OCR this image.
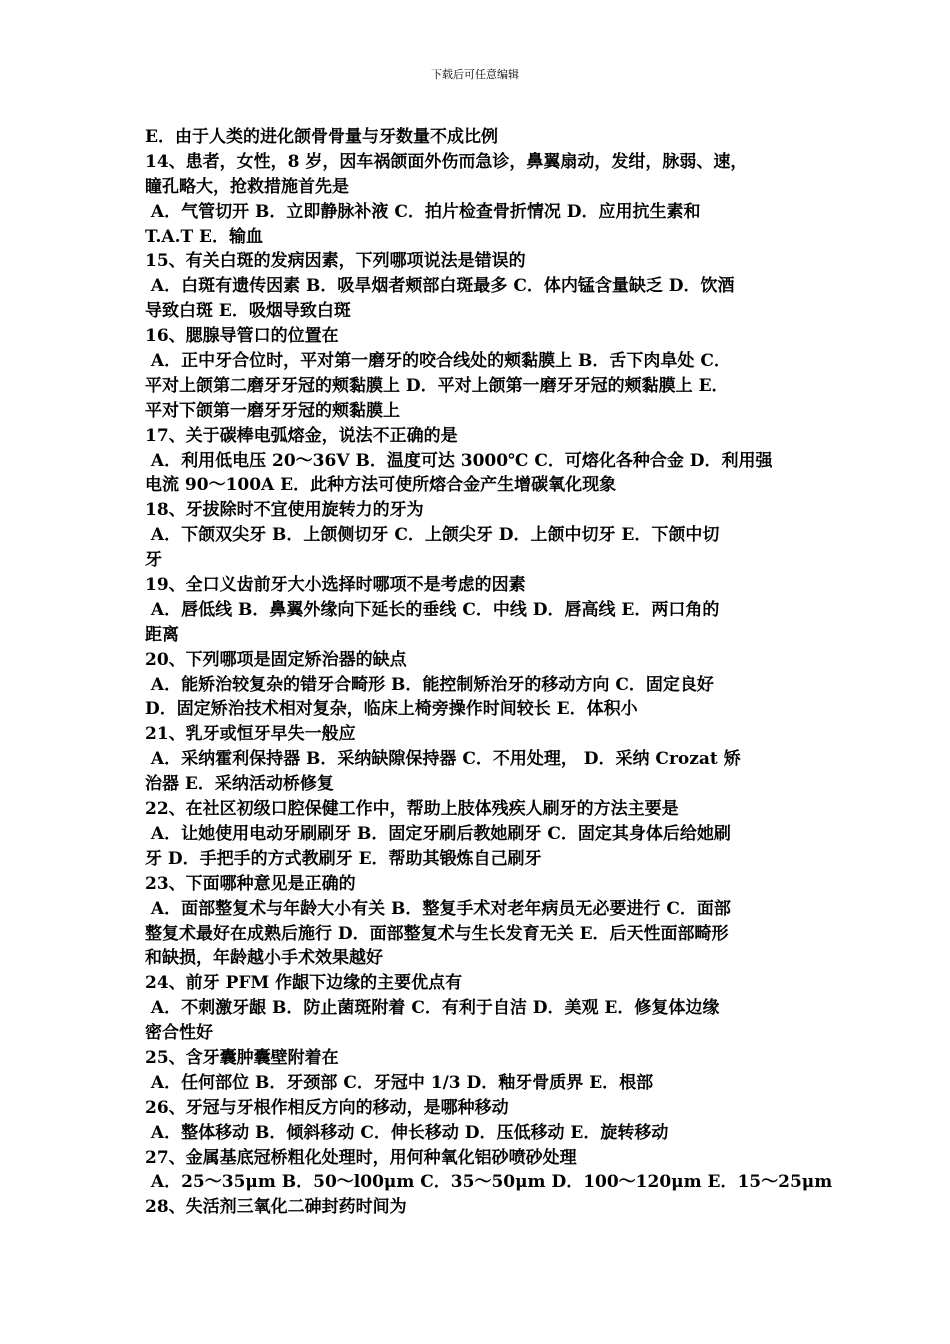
下载后可任意编辑
E．由于人类的进化颌骨骨量与牙数量不成比例
14、患者，女性，8 岁，因车祸颌面外伤而急诊，鼻翼扇动，发绀，脉弱、速，
瞳孔略大，抢救措施首先是
A．气管切开 B．立即静脉补液 C．拍片检查骨折情况 D．应用抗生素和
T.A.T E．输血
15、有关白斑的发病因素，下列哪项说法是错误的
A．白斑有遗传因素 B．吸旱烟者颊部白斑最多 C．体内锰含量缺乏 D．饮酒
导致白斑 E．吸烟导致白斑
16、腮腺导管口的位置在
A．正中牙合位时，平对第一磨牙的咬合线处的颊黏膜上 B．舌下肉阜处 C．
平对上颌第二磨牙牙冠的颊黏膜上 D．平对上颌第一磨牙牙冠的颊黏膜上 E．
平对下颌第一磨牙牙冠的颊黏膜上
17、关于碳棒电弧熔金，说法不正确的是
A．利用低电压 20～36V B．温度可达 3000℃ C．可熔化各种合金 D．利用强
电流 90～100A E．此种方法可使所熔合金产生增碳氧化现象
18、牙拔除时不宜使用旋转力的牙为
A．下颌双尖牙 B．上颌侧切牙 C．上颌尖牙 D．上颌中切牙 E．下颌中切
牙
19、全口义齿前牙大小选择时哪项不是考虑的因素
A．唇低线 B．鼻翼外缘向下延长的垂线 C．中线 D．唇高线 E．两口角的
距离
20、下列哪项是固定矫治器的缺点
A．能矫治较复杂的错牙合畸形 B．能控制矫治牙的移动方向 C．固定良好
D．固定矫治技术相对复杂，临床上椅旁操作时间较长 E．体积小
21、乳牙或恒牙早失一般应
A．采纳霍利保持器 B．采纳缺隙保持器 C．不用处理， D．采纳 Crozat 矫
治器 E．采纳活动桥修复
22、在社区初级口腔保健工作中，帮助上肢体残疾人刷牙的方法主要是
A．让她使用电动牙刷刷牙 B．固定牙刷后教她刷牙 C．固定其身体后给她刷
牙 D．手把手的方式教刷牙 E．帮助其锻炼自己刷牙
23、下面哪种意见是正确的
A．面部整复术与年龄大小有关 B．整复手术对老年病员无必要进行 C．面部
整复术最好在成熟后施行 D．面部整复术与生长发育无关 E．后天性面部畸形
和缺损，年龄越小手术效果越好
24、前牙 PFM 作龈下边缘的主要优点有
A．不刺激牙龈 B．防止菌斑附着 C．有利于自洁 D．美观 E．修复体边缘
密合性好
25、含牙囊肿囊壁附着在
A．任何部位 B．牙颈部 C．牙冠中 1/3 D．釉牙骨质界 E．根部
26、牙冠与牙根作相反方向的移动，是哪种移动
A．整体移动 B．倾斜移动 C．伸长移动 D．压低移动 E．旋转移动
27、金属基底冠桥粗化处理时，用何种氧化铝砂喷砂处理
A．25～35μm B．50～l00μm C．35～50μm D．100～120μm E．15～25μm
28、失活剂三氧化二砷封药时间为
